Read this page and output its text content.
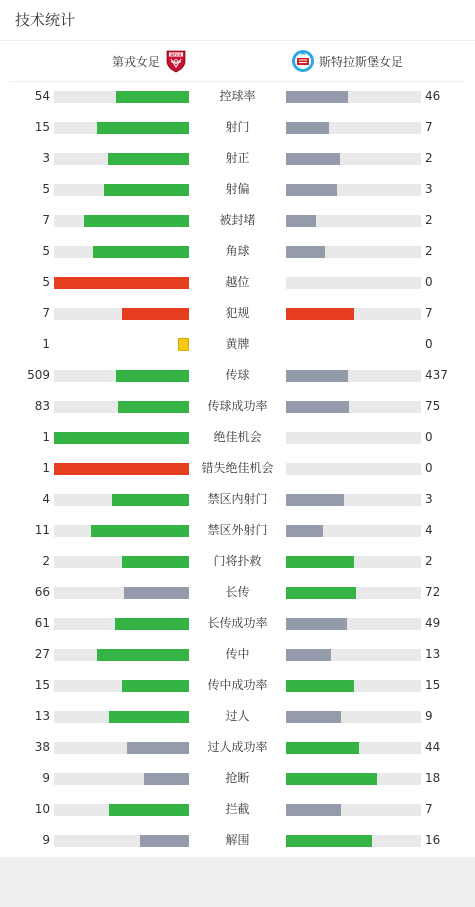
技术统计
第戎女足	DFCO	斯特拉斯堡女足
54	控球率	46
15	射门	7
3	射正	2
5	射偏	3
7	被封堵	2
5	角球	2
5	越位	0
7	犯规	7
1	黄牌	0
509	传球	437
83	传球成功率	75
1	绝佳机会	0
1	错失绝佳机会	0
4	禁区内射门	3
11	禁区外射门	4
2	门将扑救	2
66	长传	72
61	长传成功率	49
27	传中	13
15	传中成功率	15
13	过人	9
38	过人成功率	44
9	抢断	18
10	拦截	7
9	解围	16
